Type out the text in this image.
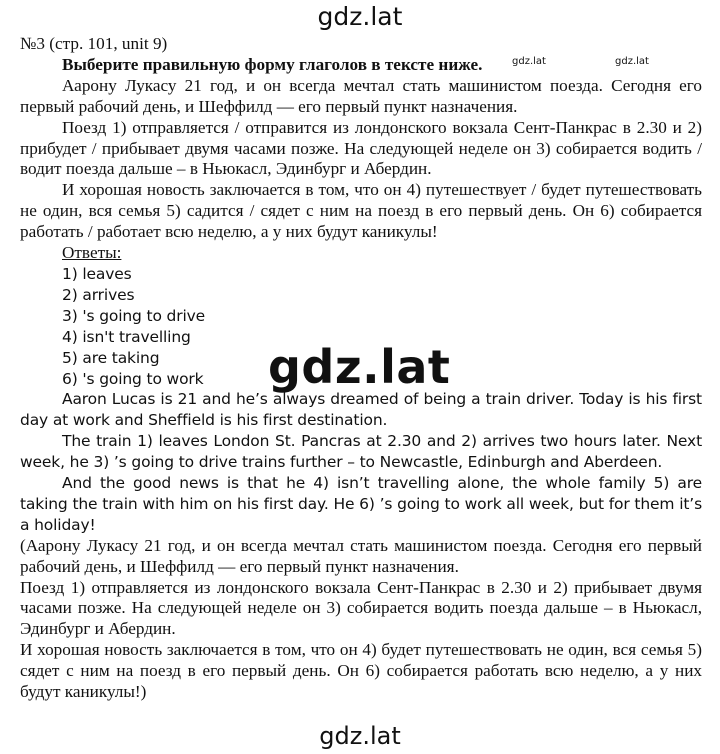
gdz.lat
gdz.lat	gdz.lat

№3 (стр. 101, unit 9)

Выберите правильную форму глаголов в тексте ниже.

Аарону Лукасу 21 год, и он всегда мечтал стать машинистом поезда. Сегодня его первый рабочий день, и Шеффилд — его первый пункт назначения.

Поезд 1) отправляется / отправится из лондонского вокзала Сент-Панкрас в 2.30 и 2) прибудет / прибывает двумя часами позже. На следующей неделе он 3) собирается водить / водит поезда дальше – в Ньюкасл, Эдинбург и Абердин.

И хорошая новость заключается в том, что он 4) путешествует / будет путешествовать не один, вся семья 5) садится / сядет с ним на поезд в его первый день. Он 6) собирается работать / работает всю неделю, а у них будут каникулы!

Ответы:
1) leaves
2) arrives
3) 's going to drive
4) isn't travelling
5) are taking
6) 's going to work

Aaron Lucas is 21 and he’s always dreamed of being a train driver. Today is his first day at work and Sheffield is his first destination.

The train 1) leaves London St. Pancras at 2.30 and 2) arrives two hours later. Next week, he 3) ’s going to drive trains further – to Newcastle, Edinburgh and Aberdeen.

And the good news is that he 4) isn’t travelling alone, the whole family 5) are taking the train with him on his first day. He 6) ’s going to work all week, but for them it’s a holiday!

(Аарону Лукасу 21 год, и он всегда мечтал стать машинистом поезда. Сегодня его первый рабочий день, и Шеффилд — его первый пункт назначения.

Поезд 1) отправляется из лондонского вокзала Сент-Панкрас в 2.30 и 2) прибывает двумя часами позже. На следующей неделе он 3) собирается водить поезда дальше – в Ньюкасл, Эдинбург и Абердин.

И хорошая новость заключается в том, что он 4) будет путешествовать не один, вся семья 5) сядет с ним на поезд в его первый день. Он 6) собирается работать всю неделю, а у них будут каникулы!)

gdz.lat
gdz.lat
